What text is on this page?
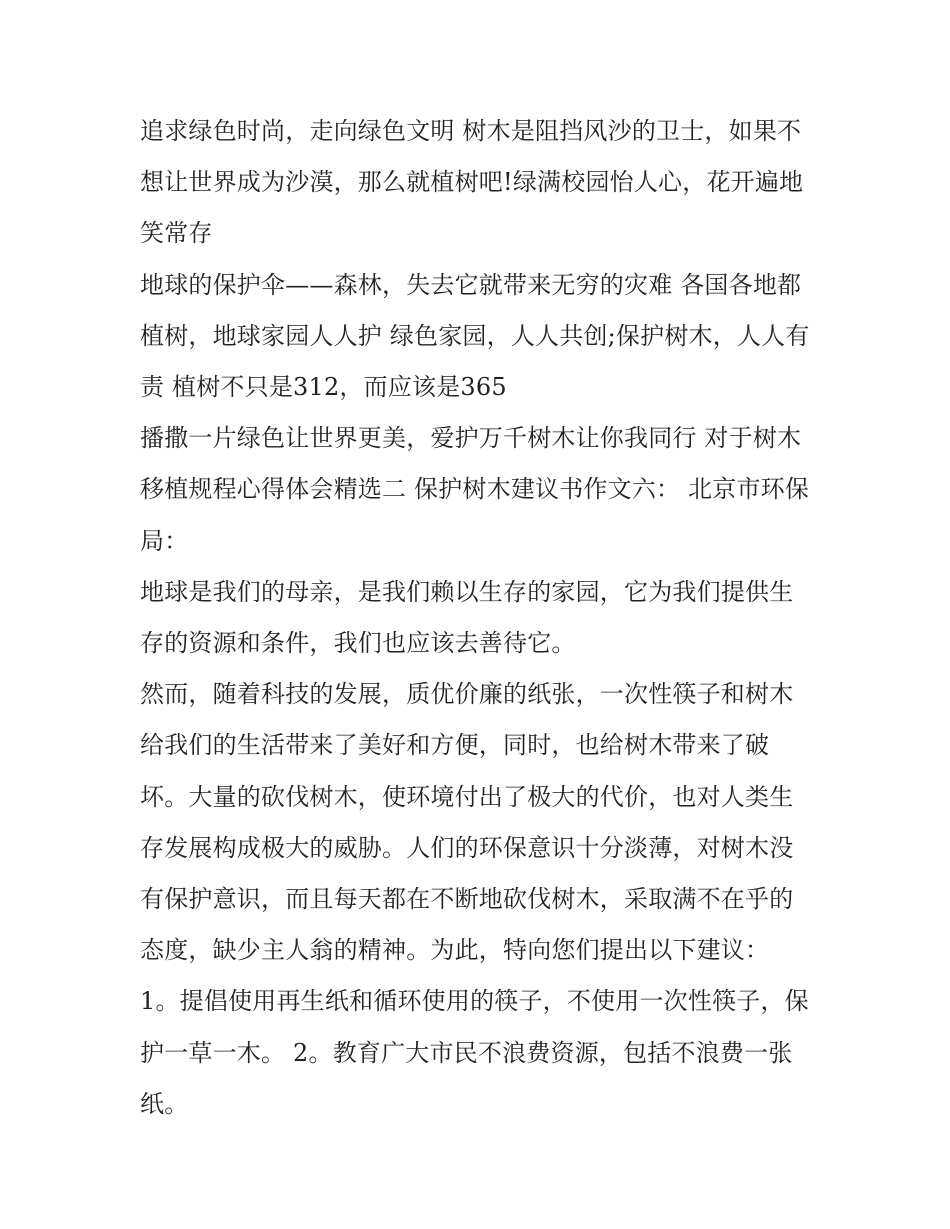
追求绿色时尚，走向绿色文明 树木是阻挡风沙的卫士，如果不想让世界成为沙漠，那么就植树吧!绿满校园怡人心，花开遍地笑常存

地球的保护伞——森林，失去它就带来无穷的灾难 各国各地都植树，地球家园人人护 绿色家园，人人共创;保护树木，人人有责 植树不只是312，而应该是365

播撒一片绿色让世界更美，爱护万千树木让你我同行 对于树木移植规程心得体会精选二 保护树木建议书作文六： 北京市环保局：

地球是我们的母亲，是我们赖以生存的家园，它为我们提供生存的资源和条件，我们也应该去善待它。

然而，随着科技的发展，质优价廉的纸张，一次性筷子和树木给我们的生活带来了美好和方便，同时，也给树木带来了破坏。大量的砍伐树木，使环境付出了极大的代价，也对人类生存发展构成极大的威胁。人们的环保意识十分淡薄，对树木没有保护意识，而且每天都在不断地砍伐树木，采取满不在乎的态度，缺少主人翁的精神。为此，特向您们提出以下建议：

1。提倡使用再生纸和循环使用的筷子，不使用一次性筷子，保护一草一木。 2。教育广大市民不浪费资源，包括不浪费一张纸。
